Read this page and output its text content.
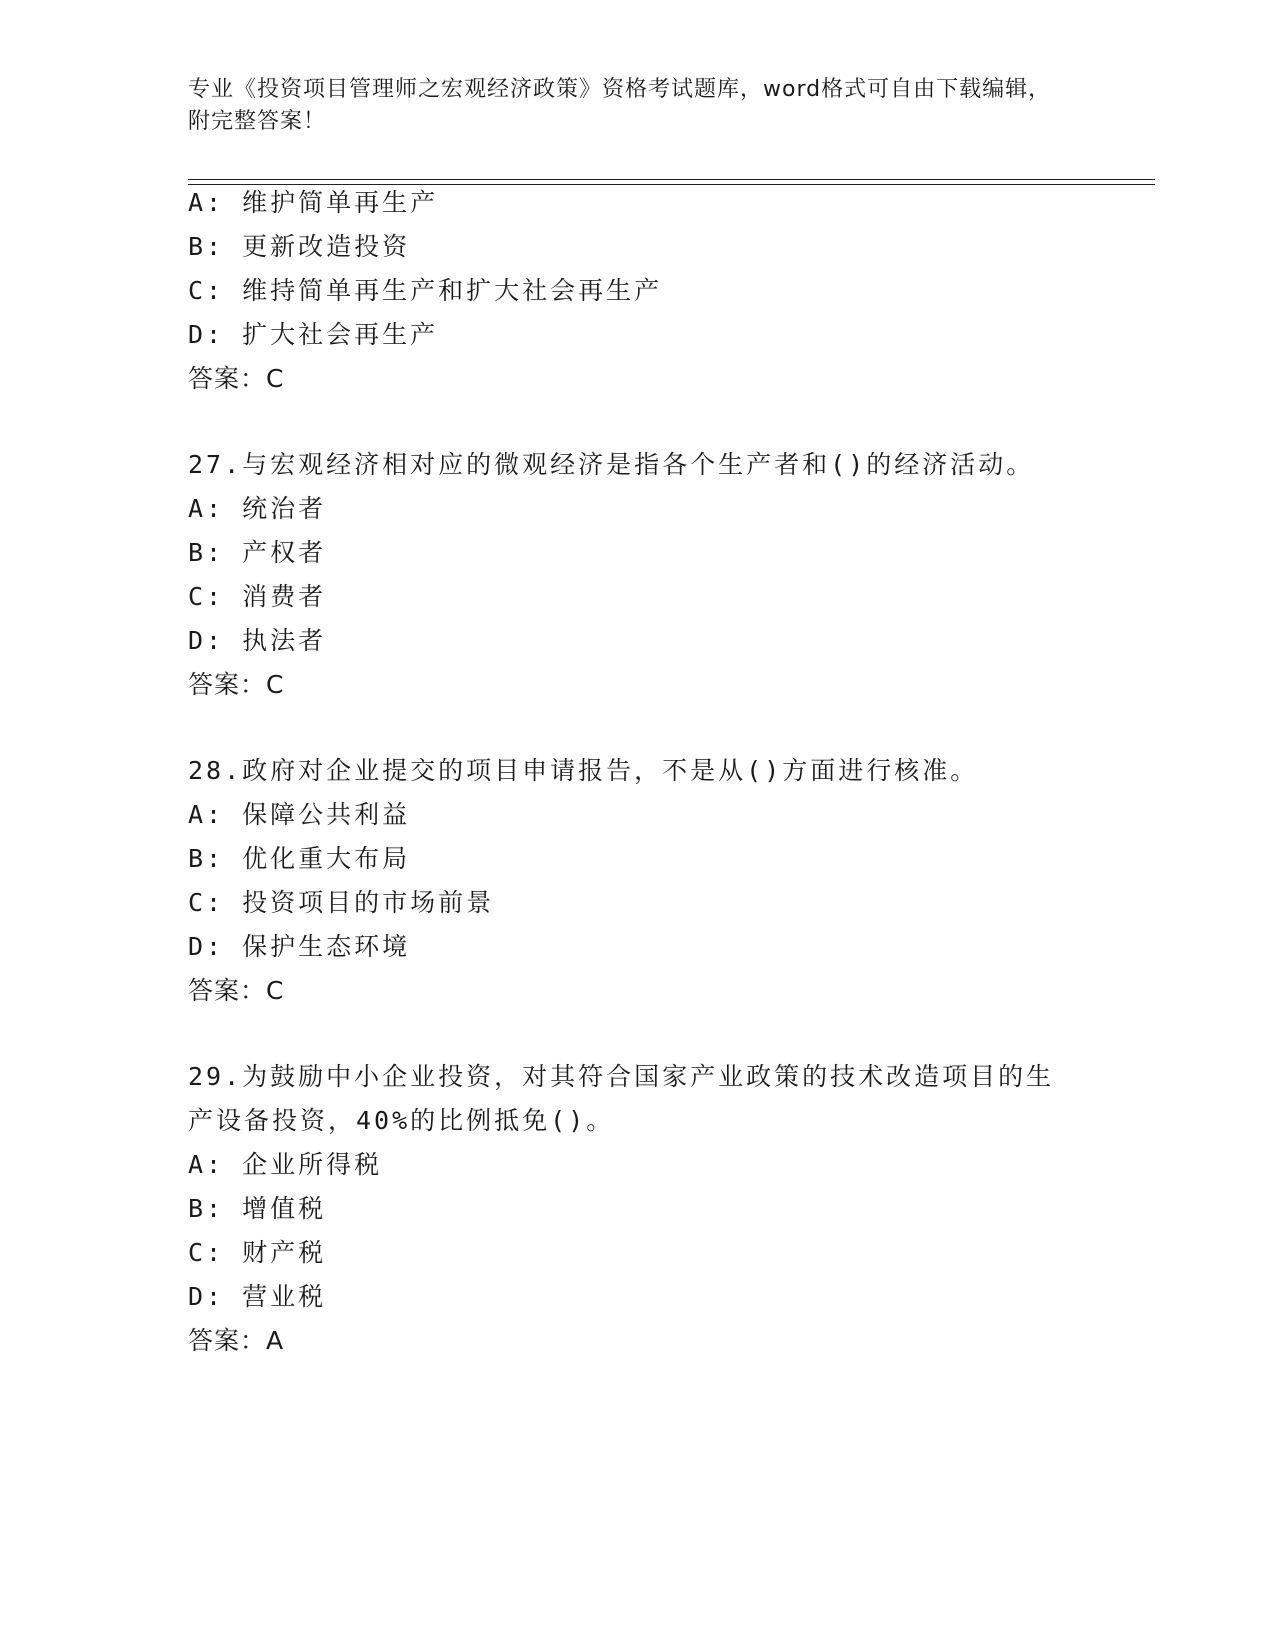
专业《投资项目管理师之宏观经济政策》资格考试题库，word格式可自由下载编辑，附完整答案！
A: 维护简单再生产
B: 更新改造投资
C: 维持简单再生产和扩大社会再生产
D: 扩大社会再生产
答案：C
27.与宏观经济相对应的微观经济是指各个生产者和()的经济活动。
A: 统治者
B: 产权者
C: 消费者
D: 执法者
答案：C
28.政府对企业提交的项目申请报告，不是从()方面进行核准。
A: 保障公共利益
B: 优化重大布局
C: 投资项目的市场前景
D: 保护生态环境
答案：C
29.为鼓励中小企业投资，对其符合国家产业政策的技术改造项目的生
产设备投资，40%的比例抵免()。
A: 企业所得税
B: 增值税
C: 财产税
D: 营业税
答案：A
